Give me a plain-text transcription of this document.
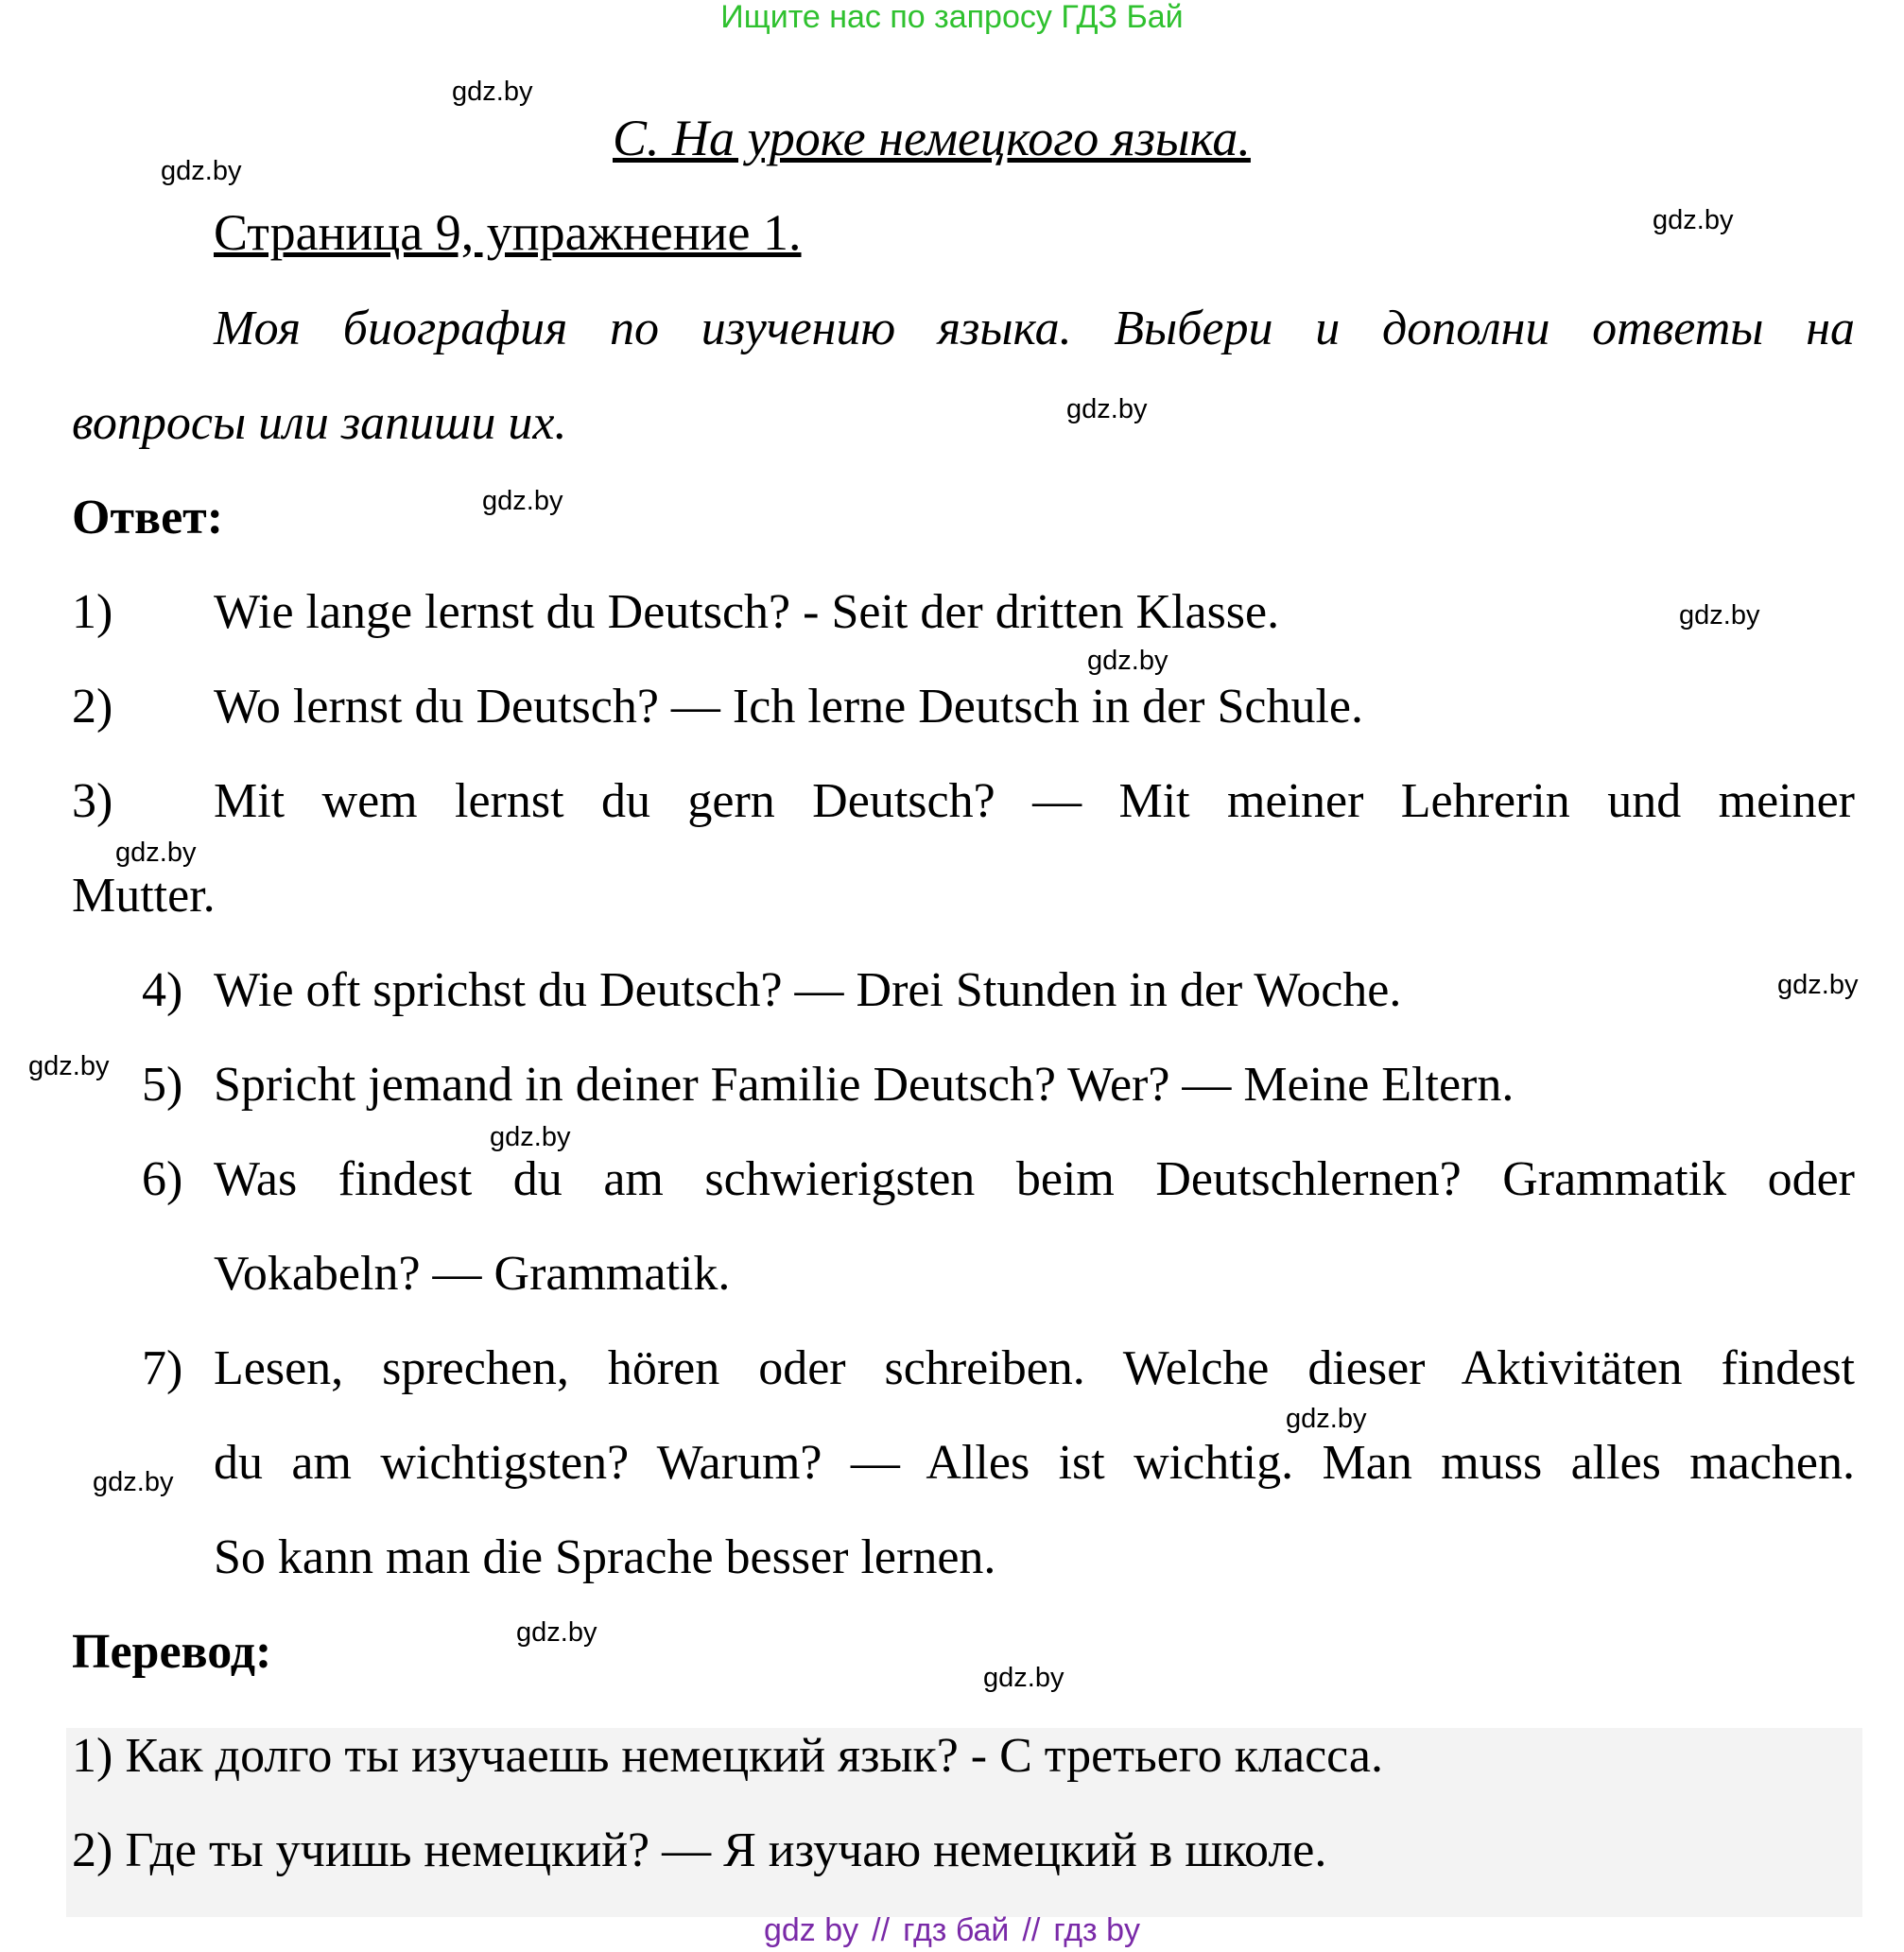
Ищите нас по запросу ГДЗ Бай
gdz.by
gdz.by
gdz.by
gdz.by
gdz.by
gdz.by
gdz.by
gdz.by
gdz.by
gdz.by
gdz.by
gdz.by
gdz.by
gdz.by
gdz.by
C. На уроке немецкого языка.
Страница 9, упражнение 1.
Моя биография по изучению языка. Выбери и дополни ответы на
вопросы или запиши их.
Ответ:
1) Wie lange lernst du Deutsch? - Seit der dritten Klasse.
2) Wo lernst du Deutsch? — Ich lerne Deutsch in der Schule.
3) Mit wem lernst du gern Deutsch? — Mit meiner Lehrerin und meiner
Mutter.
4) Wie oft sprichst du Deutsch? — Drei Stunden in der Woche.
5) Spricht jemand in deiner Familie Deutsch? Wer? — Meine Eltern.
6) Was findest du am schwierigsten beim Deutschlernen? Grammatik oder
Vokabeln? — Grammatik.
7) Lesen, sprechen, hören oder schreiben. Welche dieser Aktivitäten findest
du am wichtigsten? Warum? — Alles ist wichtig. Man muss alles machen.
So kann man die Sprache besser lernen.
Перевод:
1) Как долго ты изучаешь немецкий язык? - С третьего класса.
2) Где ты учишь немецкий? — Я изучаю немецкий в школе.
gdz by // гдз бай // гдз by
